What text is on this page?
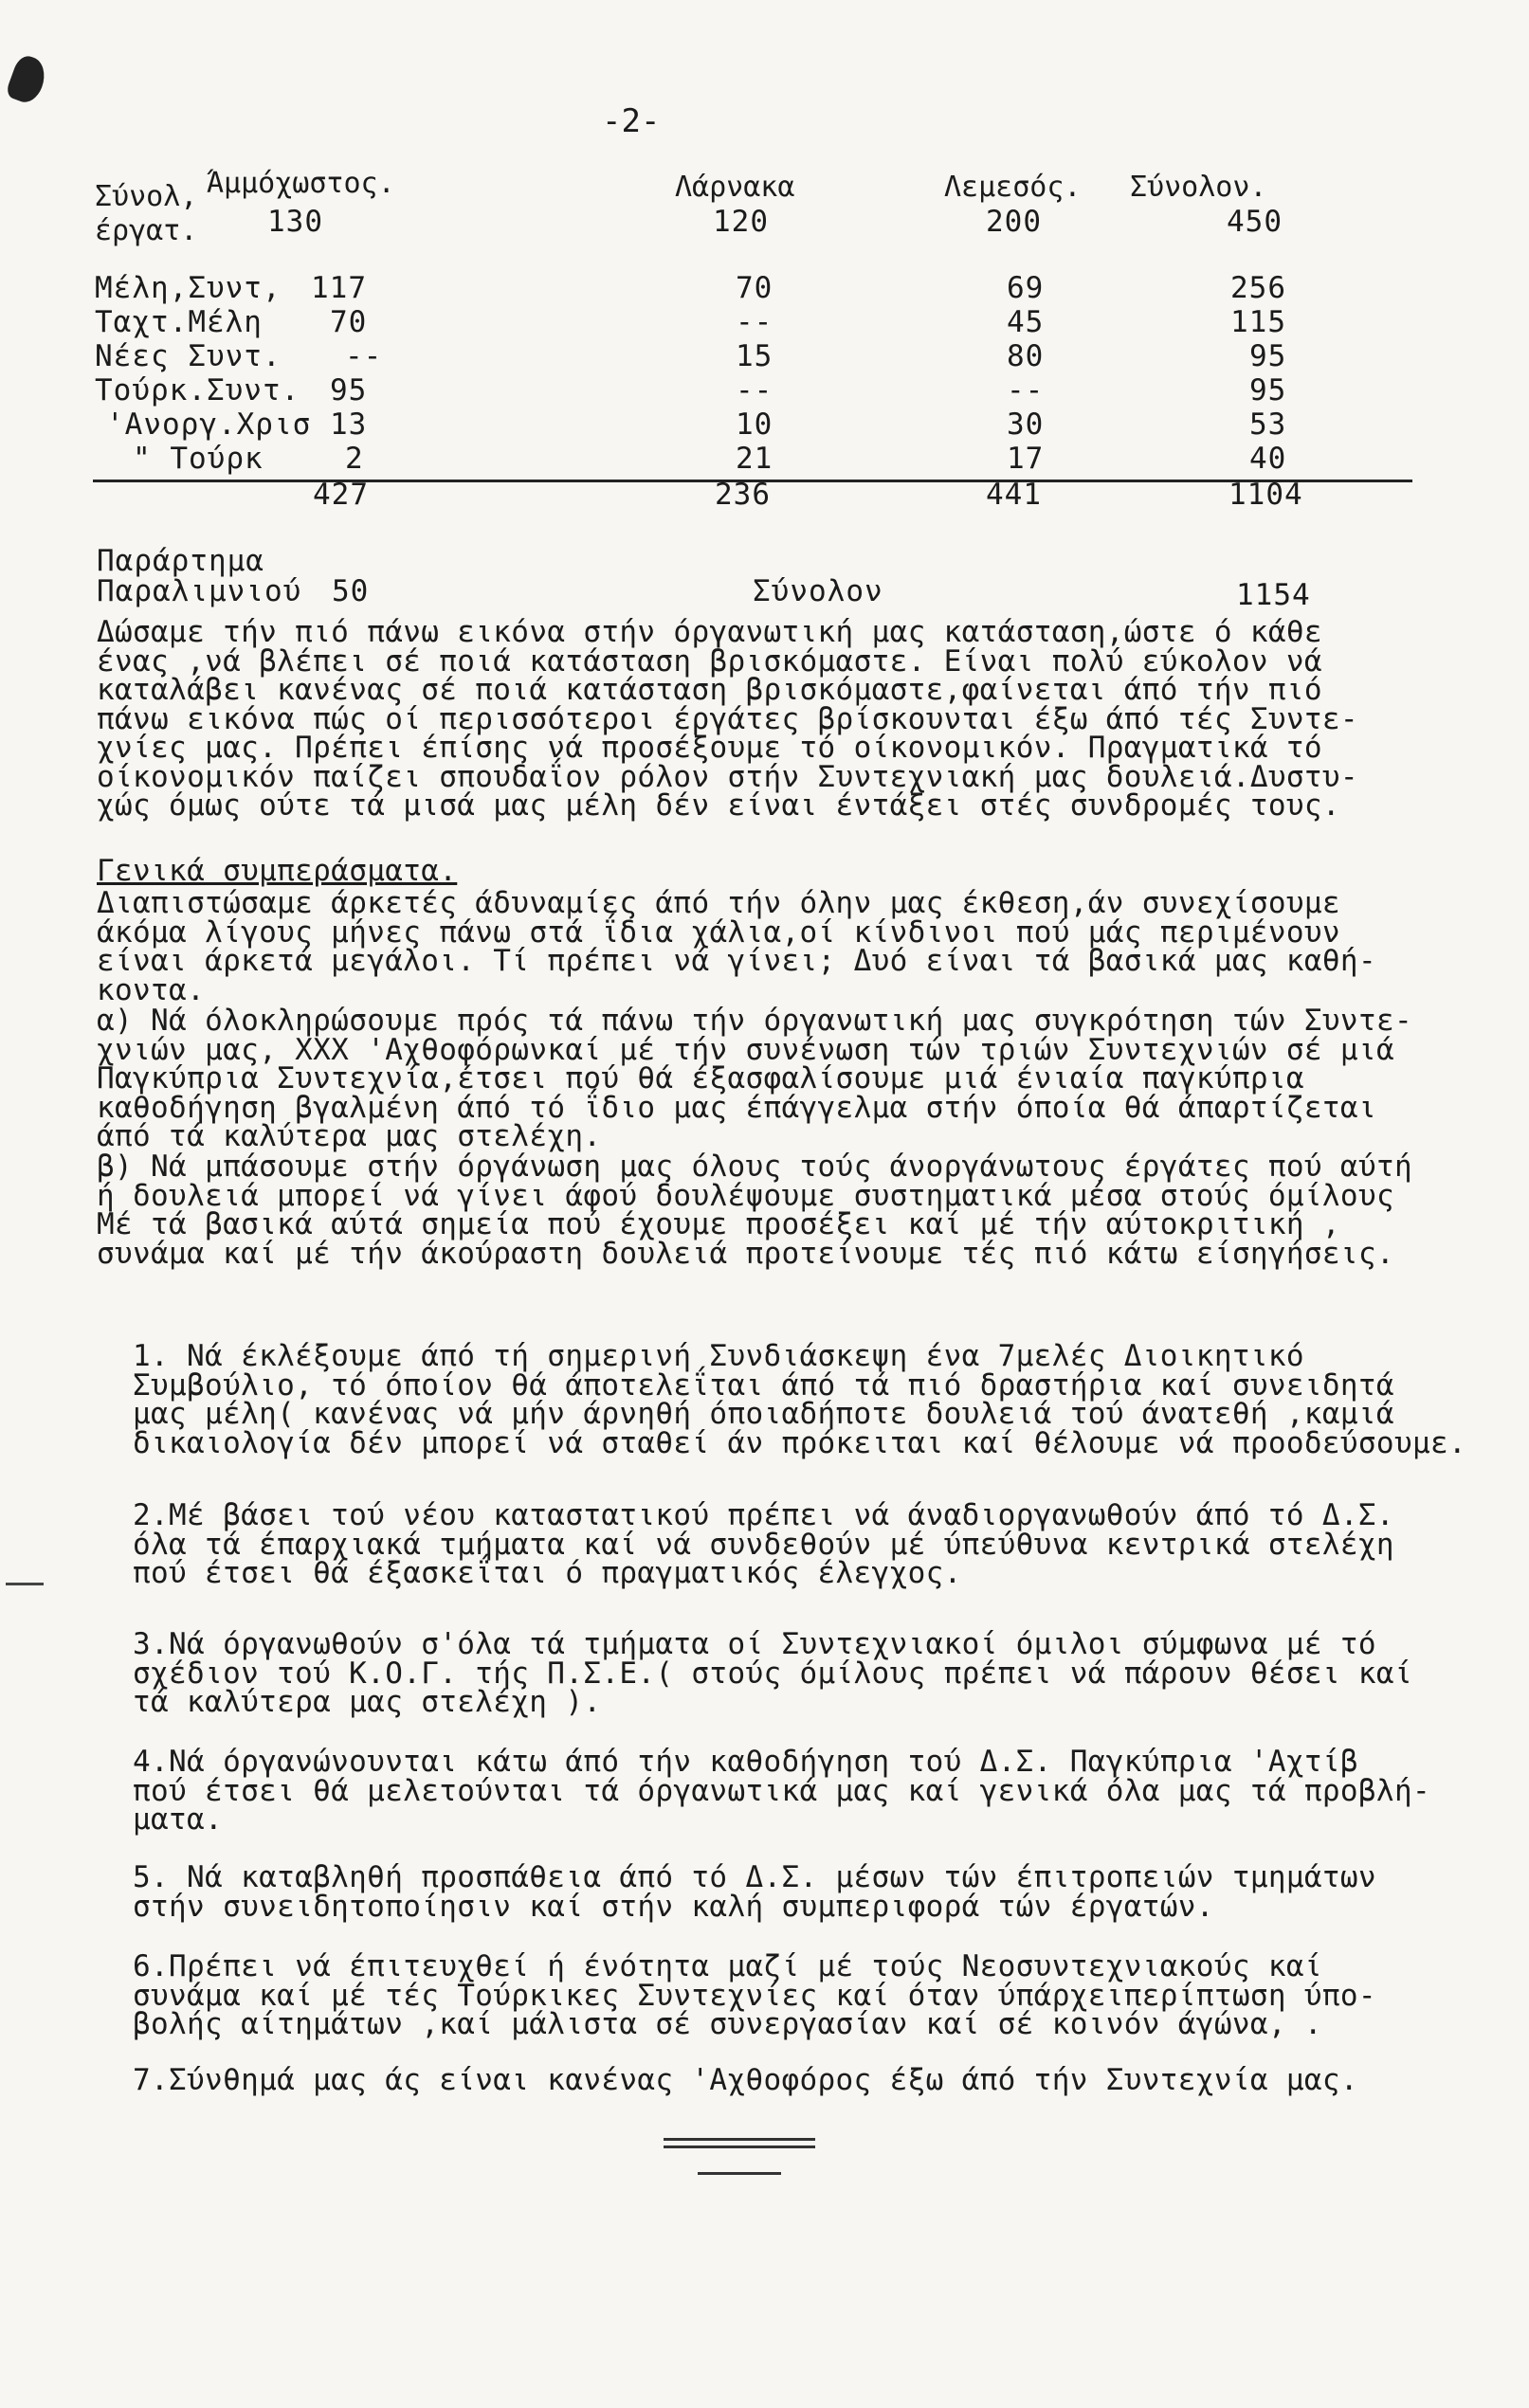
-2-
Σύνολ,
έργατ.
Άμμόχωστος.	Λάρνακα	Λεμεσός. Σύνολον.
130	120	200	450
Μέλη,Συντ, 117	70	69	256
Ταχτ.Μέλη 70	--	45	115
Νέες Συντ. --	15	80	95
Τούρκ.Συντ. 95	--	--	95
'Ανοργ.Χρισ 13	10	30	53
" Τούρκ	2	21	17	40
427	236	441	1104
Παράρτημα
Παραλιμνιού 50	Σύνολον	1154
Δώσαμε τήν πιό πάνω εικόνα στήν όργανωτική μας κατάσταση,ώστε ό κάθε
ένας ,νά βλέπει σέ ποιά κατάσταση βρισκόμαστε. Είναι πολύ εύκολον νά
καταλάβει κανένας σέ ποιά κατάσταση βρισκόμαστε,φαίνεται άπό τήν πιό
πάνω εικόνα πώς οί περισσότεροι έργάτες βρίσκουνται έξω άπό τές Συντε-
χνίες μας. Πρέπει έπίσης νά προσέξουμε τό οίκονομικόν. Πραγματικά τό
οίκονομικόν παίζει σπουδαΐον ρόλον στήν Συντεχνιακή μας δουλειά.Δυστυ-
χώς όμως ούτε τά μισά μας μέλη δέν είναι έντάξει στές συνδρομές τους.
Γενικά συμπεράσματα.
Διαπιστώσαμε άρκετές άδυναμίες άπό τήν όλην μας έκθεση,άν συνεχίσουμε
άκόμα λίγους μήνες πάνω στά ΐδια χάλια,οί κίνδινοι πού μάς περιμένουν
είναι άρκετά μεγάλοι. Τί πρέπει νά γίνει; Δυό είναι τά βασικά μας καθή-
κοντα.
α) Νά όλοκληρώσουμε πρός τά πάνω τήν όργανωτική μας συγκρότηση τών Συντε-
χνιών μας, ΧΧΧ 'Αχθοφόρωνκαί μέ τήν συνένωση τών τριών Συντεχνιών σέ μιά
Παγκύπρια Συντεχνία,έτσει πού θά έξασφαλίσουμε μιά ένιαία παγκύπρια
καθοδήγηση βγαλμένη άπό τό ΐδιο μας έπάγγελμα στήν όποία θά άπαρτίζεται
άπό τά καλύτερα μας στελέχη.
β) Νά μπάσουμε στήν όργάνωση μας όλους τούς άνοργάνωτους έργάτες πού αύτή
ή δουλειά μπορεί νά γίνει άφού δουλέψουμε συστηματικά μέσα στούς όμίλους
Μέ τά βασικά αύτά σημεία πού έχουμε προσέξει καί μέ τήν αύτοκριτική ,
συνάμα καί μέ τήν άκούραστη δουλειά προτείνουμε τές πιό κάτω είσηγήσεις.
1. Νά έκλέξουμε άπό τή σημερινή Συνδιάσκεψη ένα 7μελές Διοικητικό
Συμβούλιο, τό όποίον θά άποτελεΐται άπό τά πιό δραστήρια καί συνειδητά
μας μέλη( κανένας νά μήν άρνηθή όποιαδήποτε δουλειά τού άνατεθή ,καμιά
δικαιολογία δέν μπορεί νά σταθεί άν πρόκειται καί θέλουμε νά προοδεύσουμε.
2.Μέ βάσει τού νέου καταστατικού πρέπει νά άναδιοργανωθούν άπό τό Δ.Σ.
όλα τά έπαρχιακά τμήματα καί νά συνδεθούν μέ ύπεύθυνα κεντρικά στελέχη
πού έτσει θά έξασκεΐται ό πραγματικός έλεγχος.
3.Νά όργανωθούν σ'όλα τά τμήματα οί Συντεχνιακοί όμιλοι σύμφωνα μέ τό
σχέδιον τού Κ.Ο.Γ. τής Π.Σ.Ε.( στούς όμίλους πρέπει νά πάρουν θέσει καί
τά καλύτερα μας στελέχη ).
4.Νά όργανώνουνται κάτω άπό τήν καθοδήγηση τού Δ.Σ. Παγκύπρια 'Αχτίβ
πού έτσει θά μελετούνται τά όργανωτικά μας καί γενικά όλα μας τά προβλή-
ματα.
5. Νά καταβληθή προσπάθεια άπό τό Δ.Σ. μέσων τών έπιτροπειών τμημάτων
στήν συνειδητοποίησιν καί στήν καλή συμπεριφορά τών έργατών.
6.Πρέπει νά έπιτευχθεί ή ένότητα μαζί μέ τούς Νεοσυντεχνιακούς καί
συνάμα καί μέ τές Τούρκικες Συντεχνίες καί όταν ύπάρχειπερίπτωση ύπο-
βολής αίτημάτων ,καί μάλιστα σέ συνεργασίαν καί σέ κοινόν άγώνα, .
7.Σύνθημά μας άς είναι κανένας 'Αχθοφόρος έξω άπό τήν Συντεχνία μας.
